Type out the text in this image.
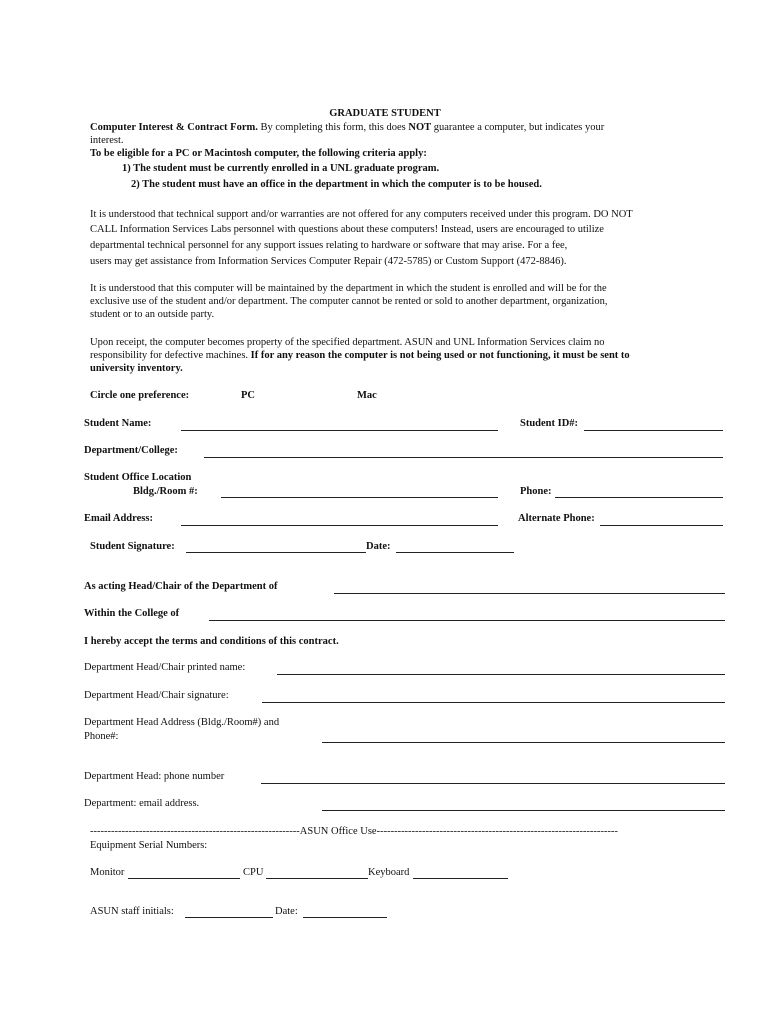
GRADUATE STUDENT
Computer Interest & Contract Form. By completing this form, this does NOT guarantee a computer, but indicates your
interest.
To be eligible for a PC or Macintosh computer, the following criteria apply:
1) The student must be currently enrolled in a UNL graduate program.
2) The student must have an office in the department in which the computer is to be housed.
It is understood that technical support and/or warranties are not offered for any computers received under this program. DO NOT
CALL Information Services Labs personnel with questions about these computers! Instead, users are encouraged to utilize
departmental technical personnel for any support issues relating to hardware or software that may arise. For a fee,
users may get assistance from Information Services Computer Repair (472-5785) or Custom Support (472-8846).
It is understood that this computer will be maintained by the department in which the student is enrolled and will be for the
exclusive use of the student and/or department. The computer cannot be rented or sold to another department, organization,
student or to an outside party.
Upon receipt, the computer becomes property of the specified department. ASUN and UNL Information Services claim no
responsibility for defective machines. If for any reason the computer is not being used or not functioning, it must be sent to
university inventory.
Circle one preference:	PC	Mac
Student Name:	Student ID#:
Department/College:
Student Office Location
Bldg./Room #:	Phone:
Email Address:	Alternate Phone:
Student Signature:	Date:
As acting Head/Chair of the Department of
Within the College of
I hereby accept the terms and conditions of this contract.
Department Head/Chair printed name:
Department Head/Chair signature:
Department Head Address (Bldg./Room#) and
Phone#:
Department Head: phone number
Department: email address.
------------------------------------------------------------ASUN Office Use---------------------------------------------------------------------
Equipment Serial Numbers:
Monitor	CPU	Keyboard
ASUN staff initials:	Date:
